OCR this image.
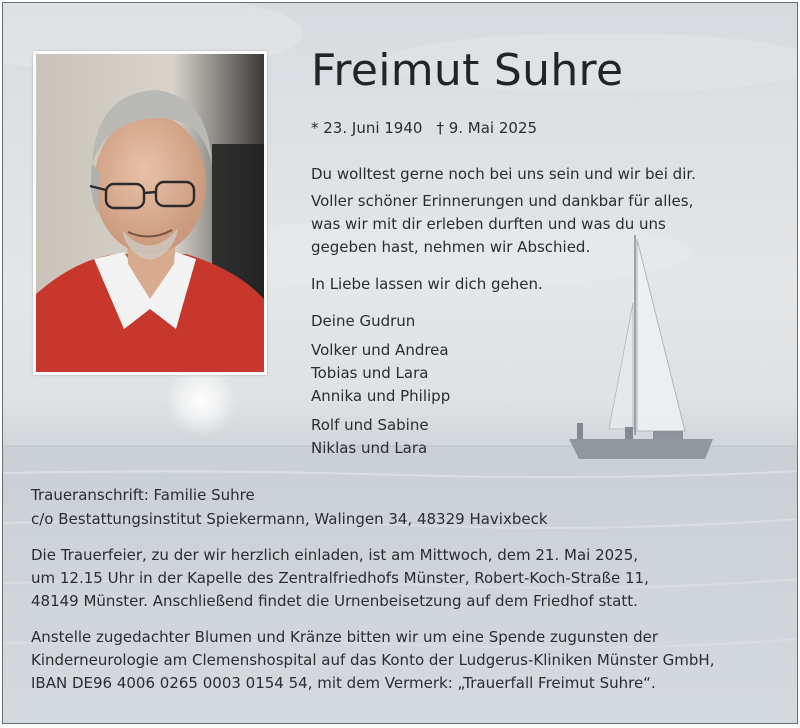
Freimut Suhre
* 23. Juni 1940 † 9. Mai 2025
Du wolltest gerne noch bei uns sein und wir bei dir.
Voller schöner Erinnerungen und dankbar für alles,
was wir mit dir erleben durften und was du uns
gegeben hast, nehmen wir Abschied.
In Liebe lassen wir dich gehen.
Deine Gudrun
Volker und Andrea
Tobias und Lara
Annika und Philipp
Rolf und Sabine
Niklas und Lara
Traueranschrift: Familie Suhre
c/o Bestattungsinstitut Spiekermann, Walingen 34, 48329 Havixbeck
Die Trauerfeier, zu der wir herzlich einladen, ist am Mittwoch, dem 21. Mai 2025,
um 12.15 Uhr in der Kapelle des Zentralfriedhofs Münster, Robert-Koch-Straße 11,
48149 Münster. Anschließend findet die Urnenbeisetzung auf dem Friedhof statt.
Anstelle zugedachter Blumen und Kränze bitten wir um eine Spende zugunsten der
Kinderneurologie am Clemenshospital auf das Konto der Ludgerus-Kliniken Münster GmbH,
IBAN DE96 4006 0265 0003 0154 54, mit dem Vermerk: „Trauerfall Freimut Suhre“.
